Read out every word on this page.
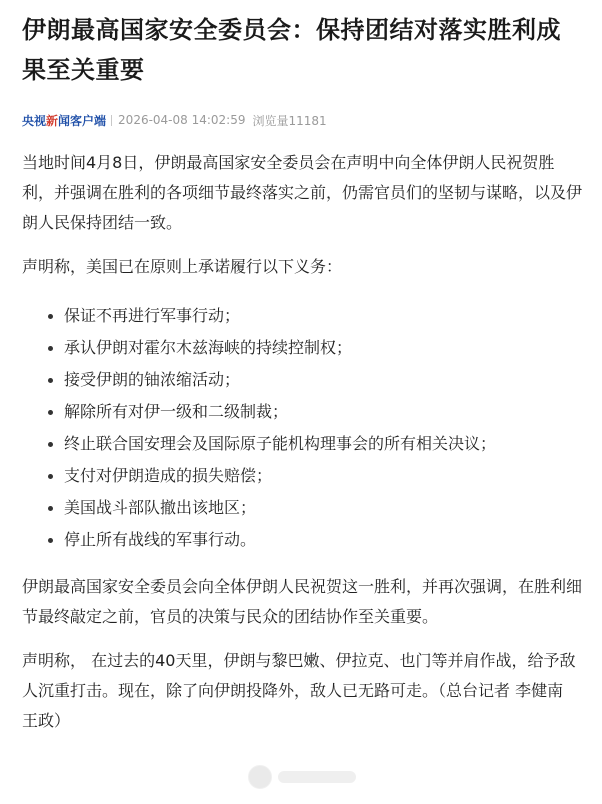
伊朗最高国家安全委员会：保持团结对落实胜利成果至关重要
央视新闻客户端 2026-04-08 14:02:59 浏览量11181

当地时间4月8日，伊朗最高国家安全委员会在声明中向全体伊朗人民祝贺胜利，并强调在胜利的各项细节最终落实之前，仍需官员们的坚韧与谋略，以及伊朗人民保持团结一致。

声明称，美国已在原则上承诺履行以下义务：

保证不再进行军事行动；
承认伊朗对霍尔木兹海峡的持续控制权；
接受伊朗的铀浓缩活动；
解除所有对伊一级和二级制裁；
终止联合国安理会及国际原子能机构理事会的所有相关决议；
支付对伊朗造成的损失赔偿；
美国战斗部队撤出该地区；
停止所有战线的军事行动。

伊朗最高国家安全委员会向全体伊朗人民祝贺这一胜利，并再次强调，在胜利细节最终敲定之前，官员的决策与民众的团结协作至关重要。

声明称， 在过去的40天里，伊朗与黎巴嫩、伊拉克、也门等并肩作战，给予敌人沉重打击。现在，除了向伊朗投降外，敌人已无路可走。（总台记者 李健南 王政）
